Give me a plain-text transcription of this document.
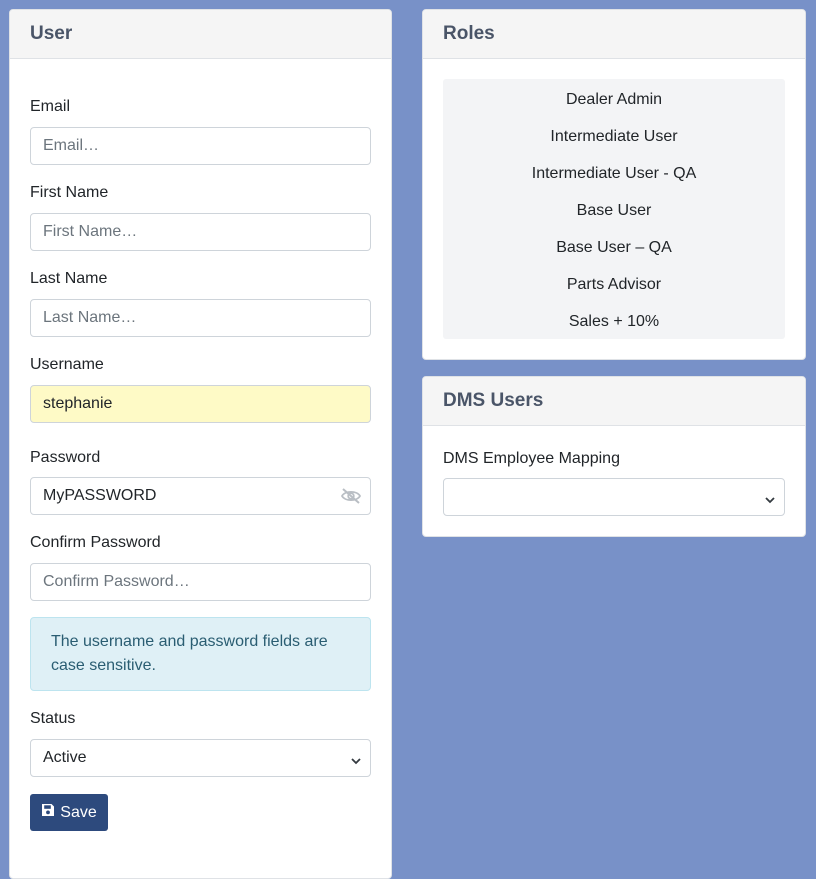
User
Email
Email…
First Name
First Name…
Last Name
Last Name…
Username
stephanie
Password
MyPASSWORD
Confirm Password
Confirm Password…
The username and password fields are case sensitive.
Status
Active
Save
Roles
Dealer Admin
Intermediate User
Intermediate User - QA
Base User
Base User – QA
Parts Advisor
Sales + 10%
DMS Users
DMS Employee Mapping
